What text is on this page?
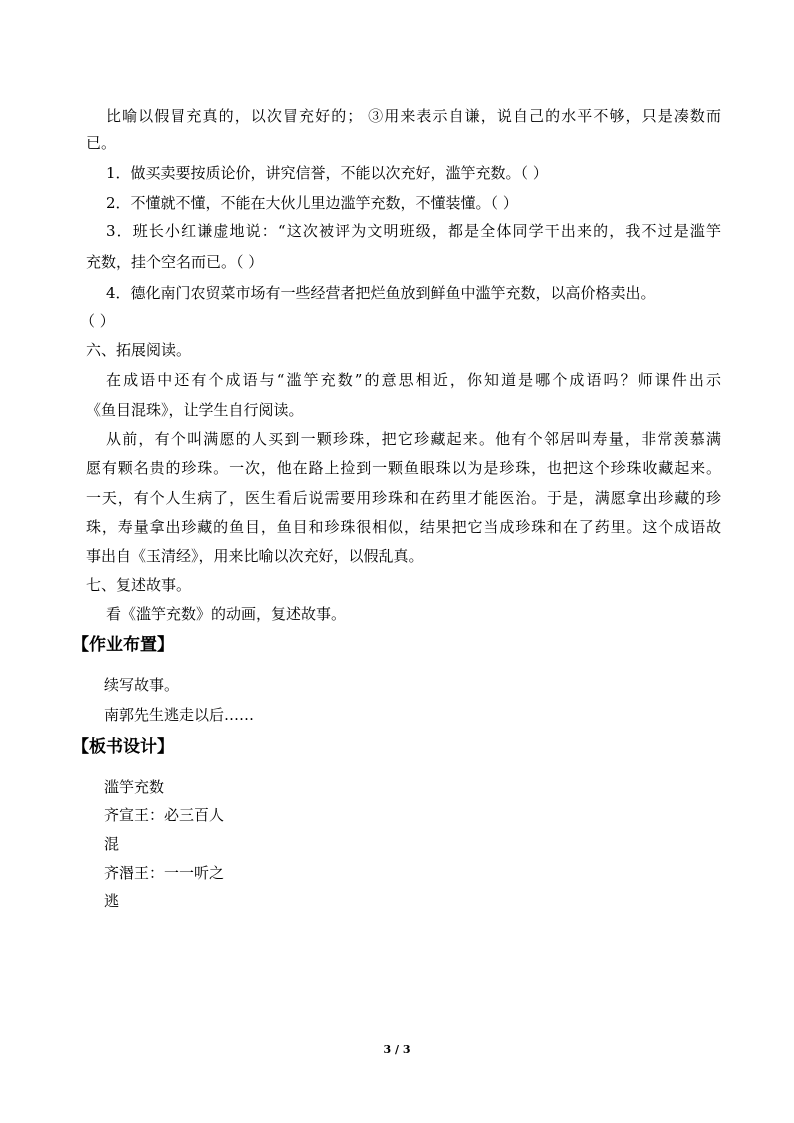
比喻以假冒充真的，以次冒充好的； ③用来表示自谦，说自己的水平不够，只是凑数而
已。
1．做买卖要按质论价，讲究信誉，不能以次充好，滥竽充数。（ ）
2．不懂就不懂，不能在大伙儿里边滥竽充数，不懂装懂。（ ）
3．班长小红谦虚地说：“这次被评为文明班级，都是全体同学干出来的，我不过是滥竽
充数，挂个空名而已。（ ）
4．德化南门农贸菜市场有一些经营者把烂鱼放到鲜鱼中滥竽充数，以高价格卖出。
（ ）
六、拓展阅读。
在成语中还有个成语与“滥竽充数”的意思相近，你知道是哪个成语吗？师课件出示
《鱼目混珠》，让学生自行阅读。
从前，有个叫满愿的人买到一颗珍珠，把它珍藏起来。他有个邻居叫寿量，非常羡慕满
愿有颗名贵的珍珠。一次，他在路上捡到一颗鱼眼珠以为是珍珠，也把这个珍珠收藏起来。
一天，有个人生病了，医生看后说需要用珍珠和在药里才能医治。于是，满愿拿出珍藏的珍
珠，寿量拿出珍藏的鱼目，鱼目和珍珠很相似，结果把它当成珍珠和在了药里。这个成语故
事出自《玉清经》，用来比喻以次充好，以假乱真。
七、复述故事。
看《滥竽充数》的动画，复述故事。
【作业布置】
续写故事。
南郭先生逃走以后……
【板书设计】
滥竽充数
齐宣王：必三百人
混
齐湣王：一一听之
逃
3 / 3
